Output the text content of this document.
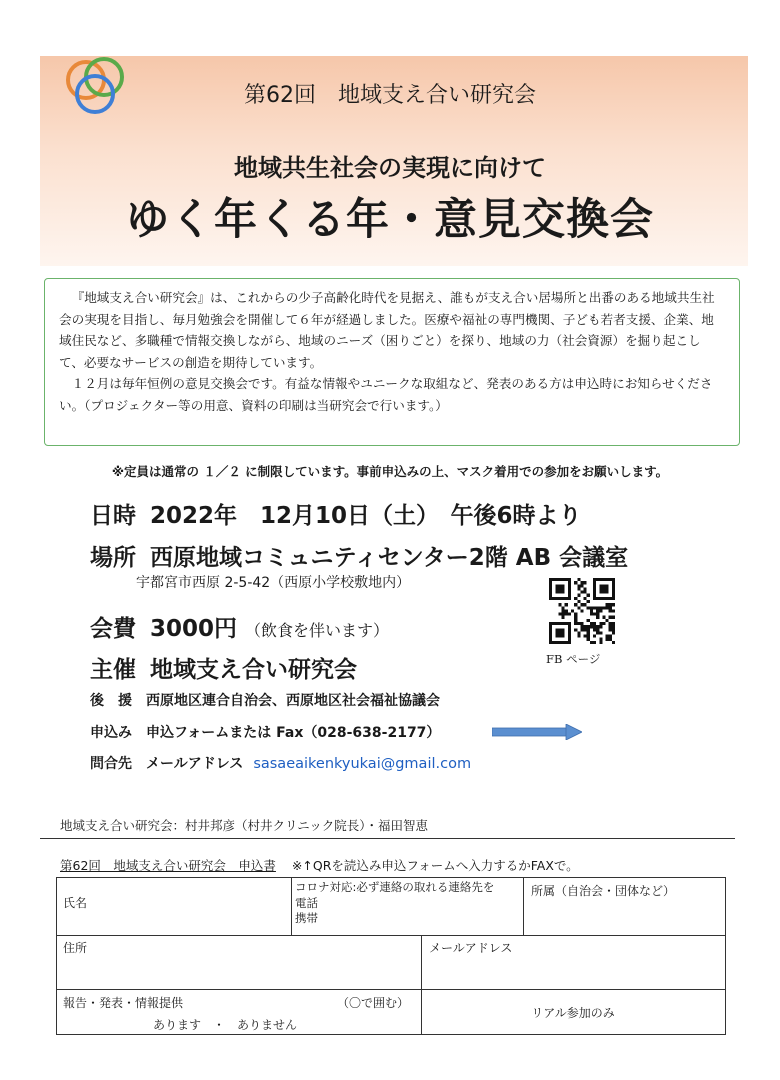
第62回　地域支え合い研究会
地域共生社会の実現に向けて
ゆく年くる年・意見交換会

『地域支え合い研究会』は、これからの少子高齢化時代を見据え、誰もが支え合い居場所と出番のある地域共生社会の実現を目指し、毎月勉強会を開催して６年が経過しました。医療や福祉の専門機関、子ども若者支援、企業、地域住民など、多職種で情報交換しながら、地域のニーズ（困りごと）を探り、地域の力（社会資源）を掘り起こして、必要なサービスの創造を期待しています。

１２月は毎年恒例の意見交換会です。有益な情報やユニークな取組など、発表のある方は申込時にお知らせください。（プロジェクター等の用意、資料の印刷は当研究会で行います。）

※定員は通常の １／２ に制限しています。事前申込みの上、マスク着用での参加をお願いします。
日時 2022年　12月10日（土）　午後6時より
場所 西原地域コミュニティセンター2階 AB 会議室
宇都宮市西原 2-5-42（西原小学校敷地内）
会費 3000円 （飲食を伴います）
主催 地域支え合い研究会
後　援 西原地区連合自治会、西原地区社会福祉協議会
申込み 申込フォームまたは Fax（028-638-2177）
問合先 メールアドレス sasaeaikenkyukai@gmail.com
FB ページ
地域支え合い研究会：村井邦彦（村井クリニック院長）・福田智恵
第62回　地域支え合い研究会　申込書 ※↑QRを読込み申込フォームへ入力するかFAXで。
氏名
コロナ対応:必ず連絡の取れる連絡先を
電話
携帯
所属（自治会・団体など）
住所	メールアドレス
報告・発表・情報提供	（〇で囲む）
あります　・　ありません
リアル参加のみ
